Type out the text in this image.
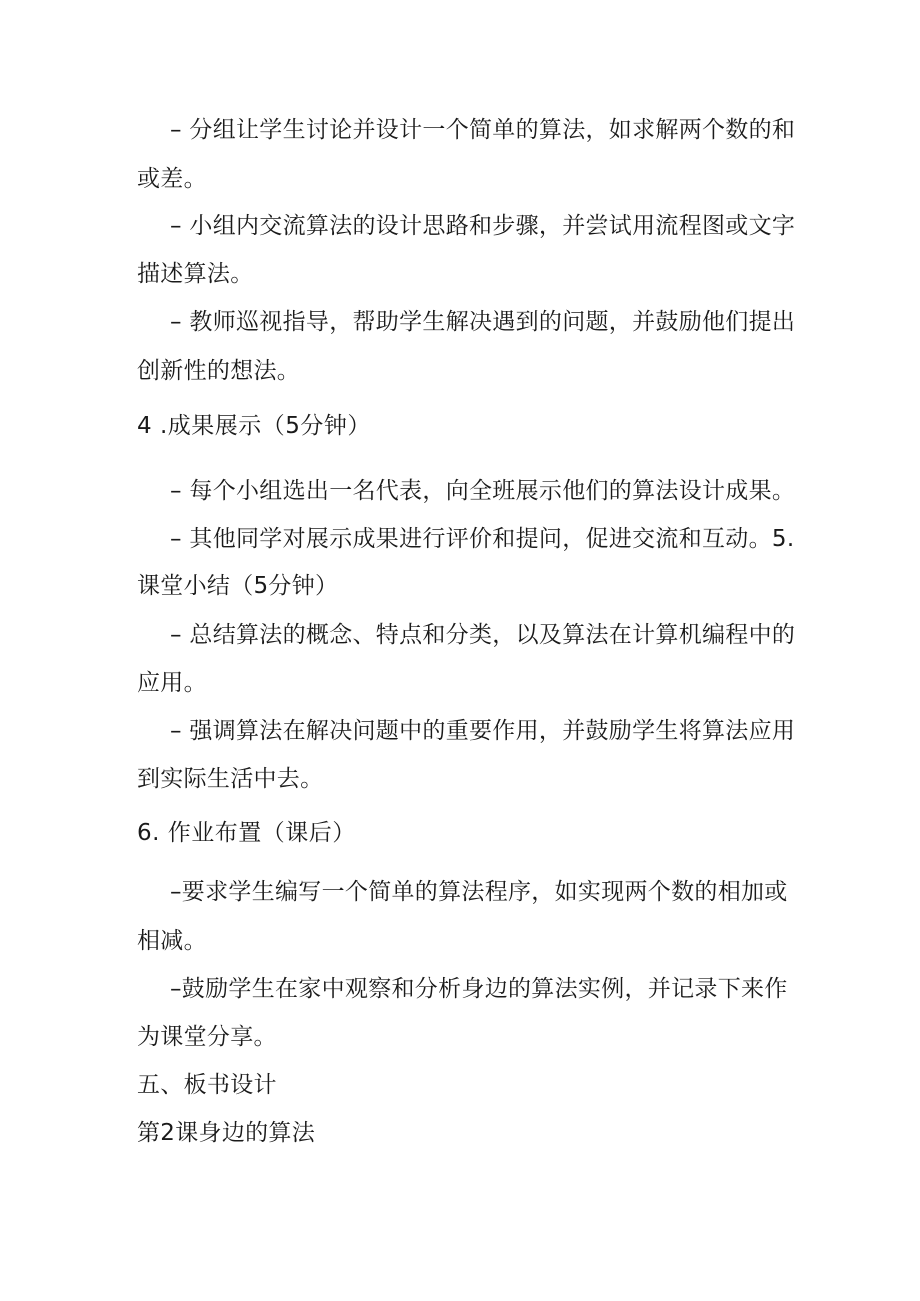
– 分组让学生讨论并设计一个简单的算法，如求解两个数的和
或差。
– 小组内交流算法的设计思路和步骤，并尝试用流程图或文字
描述算法。
– 教师巡视指导，帮助学生解决遇到的问题，并鼓励他们提出
创新性的想法。
4 .成果展示（5分钟）
– 每个小组选出一名代表，向全班展示他们的算法设计成果。
– 其他同学对展示成果进行评价和提问，促进交流和互动。5.
课堂小结（5分钟）
– 总结算法的概念、特点和分类，以及算法在计算机编程中的
应用。
– 强调算法在解决问题中的重要作用，并鼓励学生将算法应用
到实际生活中去。
6. 作业布置（课后）
–要求学生编写一个简单的算法程序，如实现两个数的相加或
相减。
–鼓励学生在家中观察和分析身边的算法实例，并记录下来作
为课堂分享。
五、板书设计
第2课身边的算法
